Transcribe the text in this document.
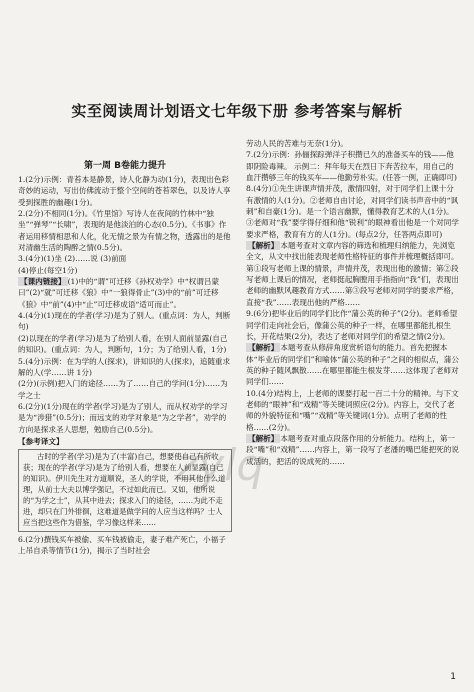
实至阅读周计划语文七年级下册 参考答案与解析

第一周 B卷能力提升

1.(2分)示例：青苔本是静景，诗人化静为动(1分)，表现出色彩奇妙的运动，写出仿佛流动于整个空间的苍苔翠色，以及诗人享受到探胜的幽趣(1分)。

2.(2分)不相同(1分)。《竹里馆》写诗人在夜间的竹林中“独坐”“弹琴”“长啸”，表现的是他淡泊的心态(0.5分)。《书事》作者运用移情相思和人化，化无情之景为有情之物，透露出的是他对清幽生活的陶醉之情(0.5分)。

3.(4分)(1)坐 (2)……说 (3)前面

(4)停止(每空1分)

【课内链接】 (1)中的“谓”可迁移《孙权劝学》中“权谓吕蒙曰”(2)“就”可迁移《狼》中“一狼得骨止”(3)中的“前”可迁移《狼》中“前”(4)中“止”可迁移成语“适可而止”。

4.(4分)(1)现在的学者(学习)是为了别人。(重点词：为人，判断句)

(2)以现在的学者(学习)是为了给别人看，在别人面前显露(自己的知识)。(重点词：为人，判断句，1分；为了给别人看，1分)

5.(4分)示例：在为学的人(探求)，讲知识的人(探求)，追随重求解的人(学……讲 1分)

(2分)(示例)把入门的途径……为了……自己的学问(1分)……为学之士

6.(2分)(1分)现在的学者(学习)是为了别人，而从权劝学的学习是为“涉猎”(0.5分)；而远支的劝学对象是“为之学者”，劝学的方向是探求圣人思想，勉励自己(0.5分)。

【参考译文】

古时的学者(学习)是为了(丰富)自己，想要使自己有所收获；现在的学者(学习)是为了给别人看，想要在人前显露(自己的知识)。伊川先生对方道顺说，圣人的学说，不用其他什么道理，从前士大夫以博学强记，不过如此而已。又如，他所说的“为学之士”，从其中进去；探求入门的途径，……为此不走进，却只在门外徘徊，这难道是做学问的人应当这样吗？士人应当把这些作为借鉴，学习像这样来……

6.(2分)撰钱买车被偷、买车钱被偷走，妻子难产死亡，小福子上吊自杀等情节(1分)，揭示了当时社会

劳动人民的苦难与无奈(1分)。

7.(2分)示例：孙俪探踪弹洋子积攒已久的准备买车的钱——他即阴险毒辣。 示例二：拜年每天在烈日下奔苦拉车，用自己的血汗攒够三年的钱买车——他勤劳朴实。(任答一例，正确即可)

8.(4分)①先生讲课声情并茂，激情四射，对于同学们上课十分有激情的人(1分)。②老师自由讨论，对同学们读书声音中的“讽刺”和自豪(1分)。是一个语言幽默，懂得教育艺术的人(1分)。③老师对“我”要学得仔细和他“锐利”的眼神看出他是一个对同学要求严格，教育有方的人(1分)。(每点2分，任答两点即可)

【解析】 本题考查对文章内容的筛选和梳理归纳能力，先浏览全文，从文中找出能表现老师性格特征的事件并梳理概括即可。第①段写老师上课的情景，声情并茂，表现出他的激情；第②段写老师上课后的情况，老师挺起胸膛用手指指向“我”们，表现出老师的幽默风趣教育方式……第③段写老师对同学的要求严格，直接“我”……表现出他的严格……

9.(6分)把毕业后的同学们比作“蒲公英的种子”(2分)。老师希望同学们走向社会后，像蒲公英的种子一样，在哪里都能扎根生长，开花结果(2分)，表达了老师对同学们的希望之情(2分)。

【解析】 本题考查从修辞角度赏析语句的能力。首先把握本体“毕业后的同学们”和喻体“蒲公英的种子”之间的相似点，蒲公英的种子随风飘散……在哪里都能生根发芽……这体现了老师对同学们……

10.(4分)结构上，上老师的课要打起一百二十分的精神。与下文老师的“眼神”和“戏精”等关键词照应(2分)。内容上，交代了老师的外貌特征和“嘴”“戏精”等关键词(1分)。点明了老师的性格……(2分)。

【解析】 本题考查对重点段落作用的分析能力。结构上，第一段“嘴”和“戏精”……内容上，第一段写了老潘的嘴巴能把死的说成活的，把活的说成死的……

zylq
1
